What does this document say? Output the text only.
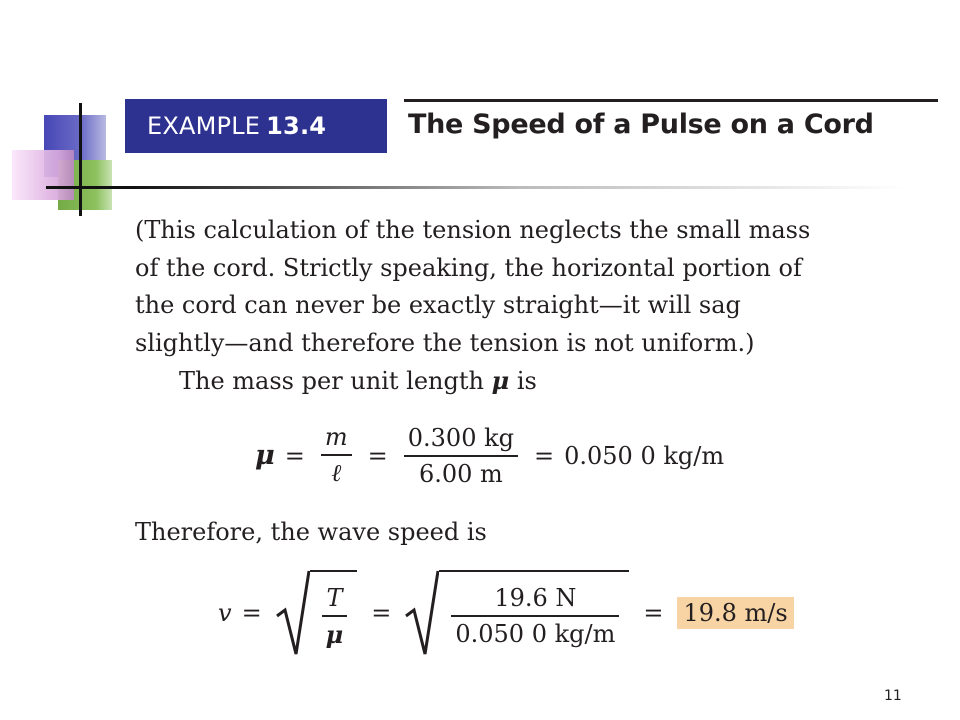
EXAMPLE 13.4	The Speed of a Pulse on a Cord
(This calculation of the tension neglects the small mass
of the cord. Strictly speaking, the horizontal portion of
the cord can never be exactly straight—it will sag
slightly—and therefore the tension is not uniform.)
The mass per unit length μ is
$\mu = \frac{m}{\text{ℓ}} = \frac{0.300 kg}{6.00 m} = 0.050$ 0 kg/m
Therefore, the wave speed is
v =	$\frac{T}{\mu}$ =	$\frac{19.6 N}{0.050 0 kg/m} = 19.8$ m/s
11
